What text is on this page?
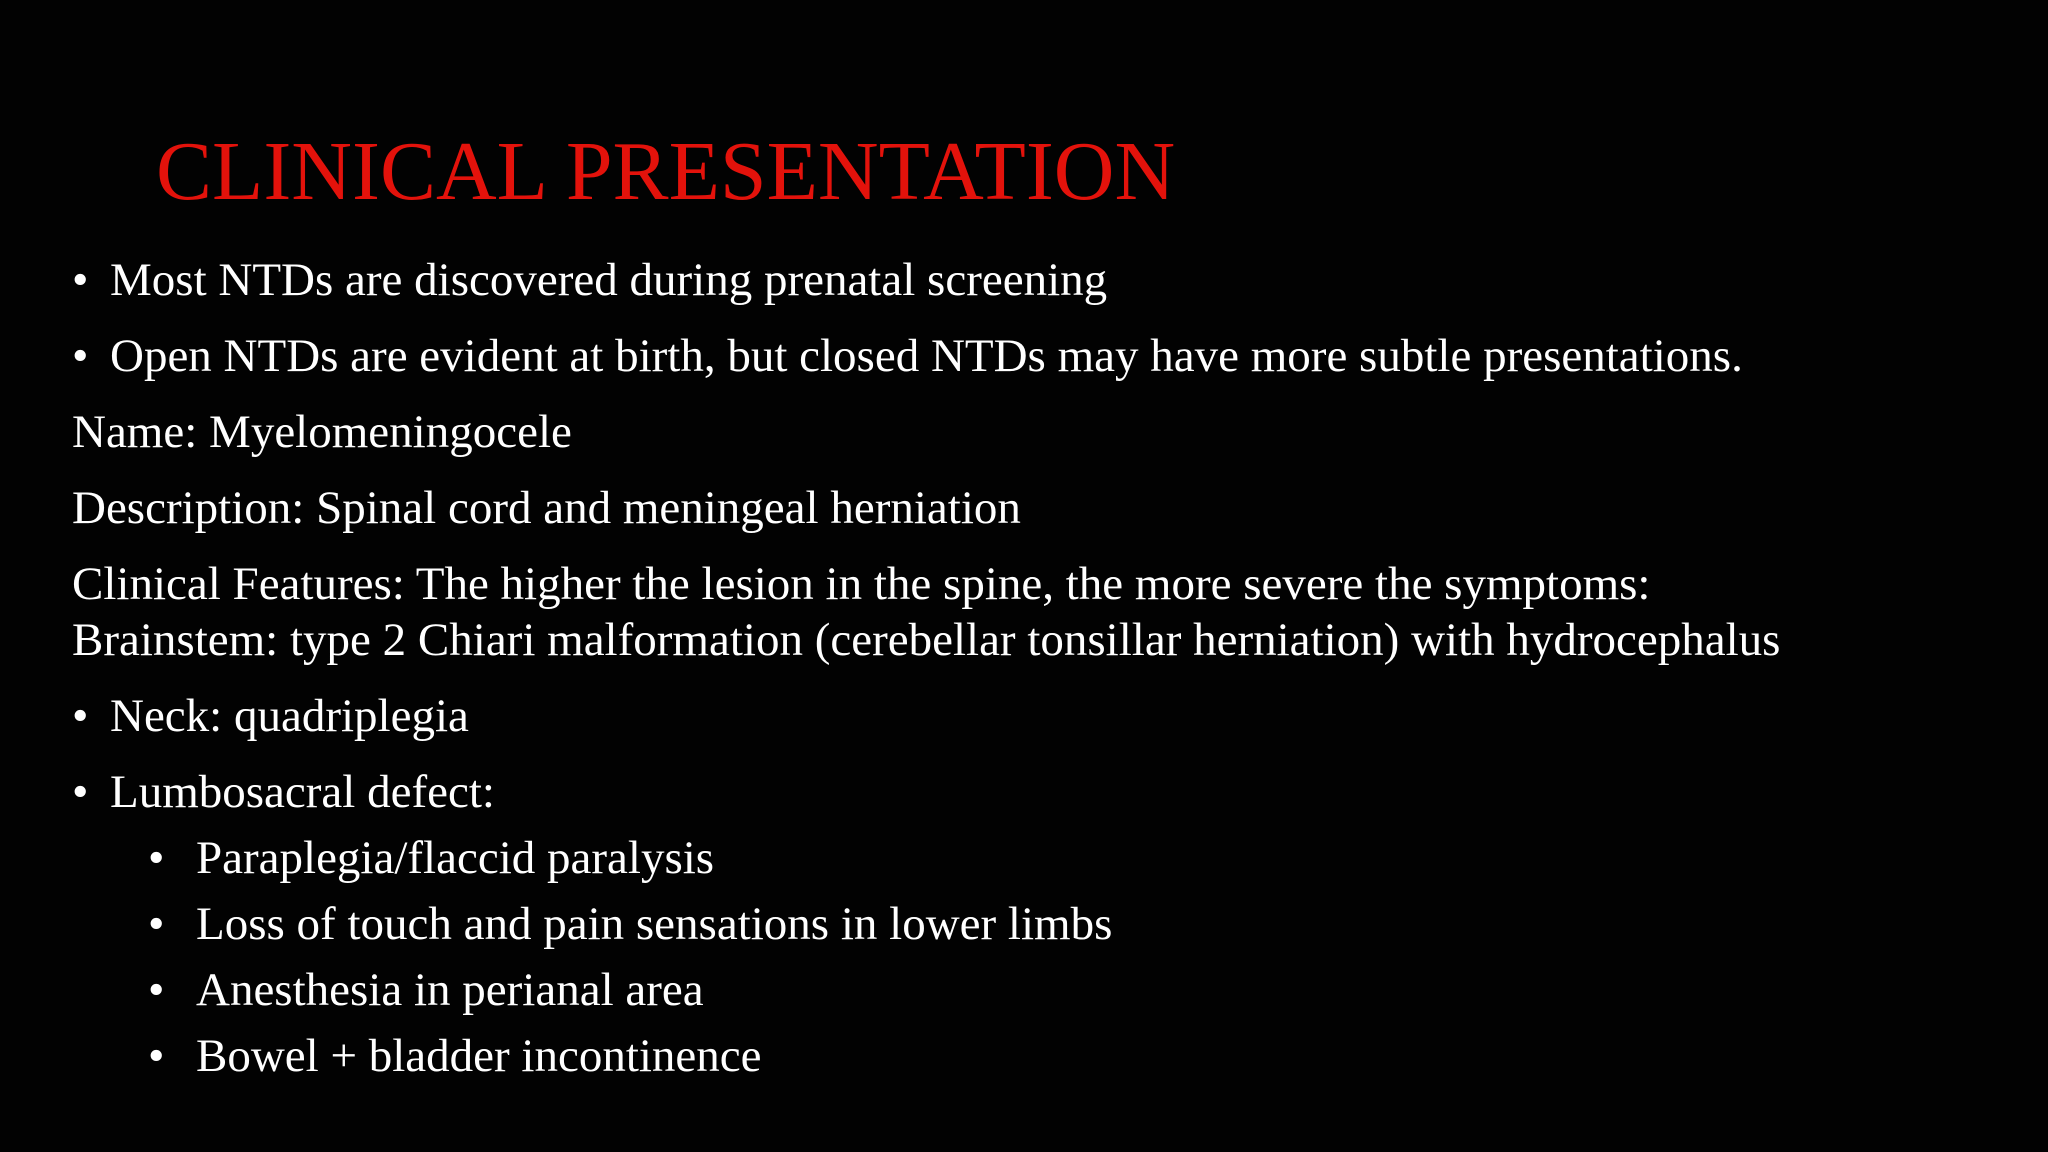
CLINICAL PRESENTATION
• Most NTDs are discovered during prenatal screening
• Open NTDs are evident at birth, but closed NTDs may have more subtle presentations.
Name: Myelomeningocele
Description: Spinal cord and meningeal herniation
Clinical Features: The higher the lesion in the spine, the more severe the symptoms:
Brainstem: type 2 Chiari malformation (cerebellar tonsillar herniation) with hydrocephalus
• Neck: quadriplegia
• Lumbosacral defect:
• Paraplegia/flaccid paralysis
• Loss of touch and pain sensations in lower limbs
• Anesthesia in perianal area
• Bowel + bladder incontinence
